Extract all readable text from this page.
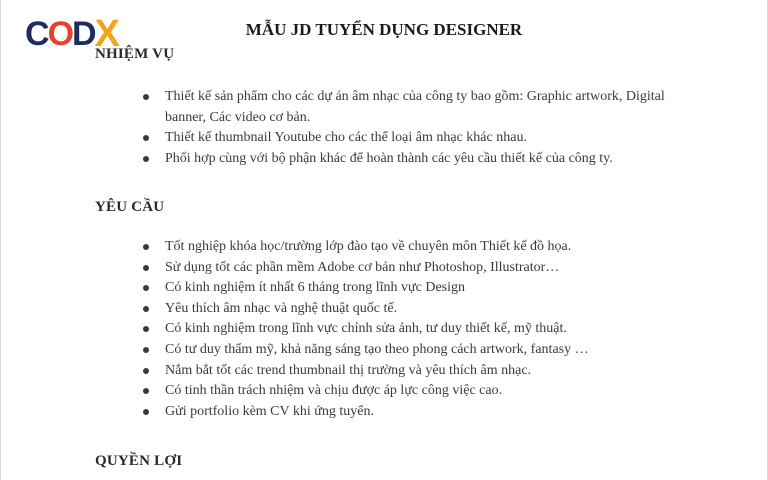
C O D X	MẪU JD TUYỂN DỤNG DESIGNER
NHIỆM VỤ
Thiết kế sản phẩm cho các dự án âm nhạc của công ty bao gồm: Graphic artwork, Digital banner, Các video cơ bản.
Thiết kế thumbnail Youtube cho các thể loại âm nhạc khác nhau.
Phối hợp cùng với bộ phận khác để hoàn thành các yêu cầu thiết kế của công ty.
YÊU CẦU
Tốt nghiệp khóa học/trường lớp đào tạo về chuyên môn Thiết kế đồ họa.
Sử dụng tốt các phần mềm Adobe cơ bản như Photoshop, Illustrator…
Có kinh nghiệm ít nhất 6 tháng trong lĩnh vực Design
Yêu thích âm nhạc và nghệ thuật quốc tế.
Có kinh nghiệm trong lĩnh vực chỉnh sửa ảnh, tư duy thiết kế, mỹ thuật.
Có tư duy thẩm mỹ, khả năng sáng tạo theo phong cách artwork, fantasy …
Nắm bắt tốt các trend thumbnail thị trường và yêu thích âm nhạc.
Có tinh thần trách nhiệm và chịu được áp lực công việc cao.
Gửi portfolio kèm CV khi ứng tuyển.
QUYỀN LỢI
